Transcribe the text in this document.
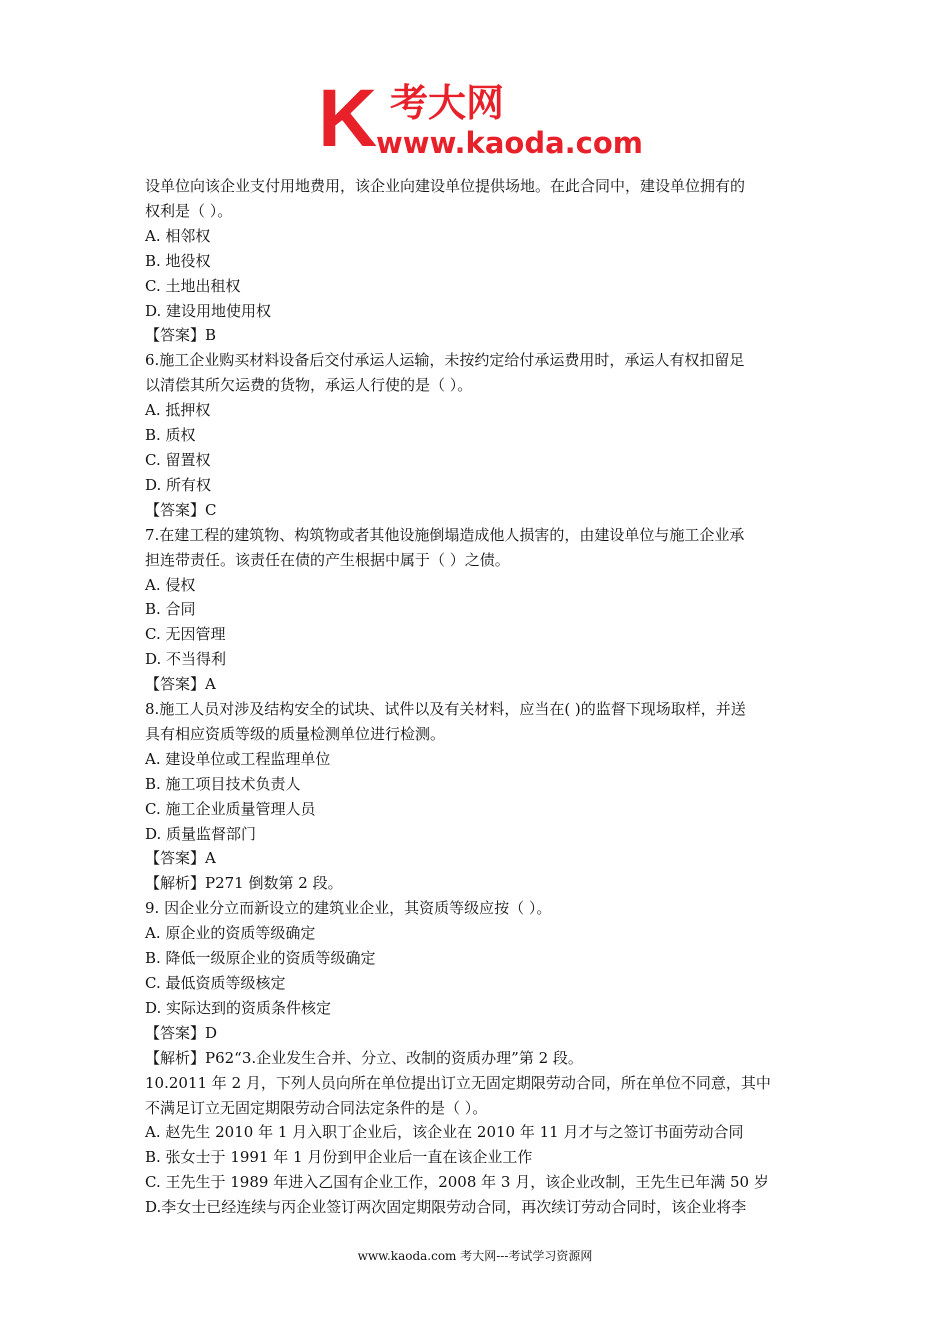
K 考大网
www.kaoda.com
设单位向该企业支付用地费用，该企业向建设单位提供场地。在此合同中，建设单位拥有的
权利是（ ）。
A. 相邻权
B. 地役权
C. 土地出租权
D. 建设用地使用权
【答案】B
6.施工企业购买材料设备后交付承运人运输，未按约定给付承运费用时，承运人有权扣留足
以清偿其所欠运费的货物，承运人行使的是（ ）。
A. 抵押权
B. 质权
C. 留置权
D. 所有权
【答案】C
7.在建工程的建筑物、构筑物或者其他设施倒塌造成他人损害的，由建设单位与施工企业承
担连带责任。该责任在债的产生根据中属于（ ）之债。
A. 侵权
B. 合同
C. 无因管理
D. 不当得利
【答案】A
8.施工人员对涉及结构安全的试块、试件以及有关材料，应当在( )的监督下现场取样，并送
具有相应资质等级的质量检测单位进行检测。
A. 建设单位或工程监理单位
B. 施工项目技术负责人
C. 施工企业质量管理人员
D. 质量监督部门
【答案】A
【解析】P271 倒数第 2 段。
9. 因企业分立而新设立的建筑业企业，其资质等级应按（ ）。
A. 原企业的资质等级确定
B. 降低一级原企业的资质等级确定
C. 最低资质等级核定
D. 实际达到的资质条件核定
【答案】D
【解析】P62“3.企业发生合并、分立、改制的资质办理”第 2 段。
10.2011 年 2 月，下列人员向所在单位提出订立无固定期限劳动合同，所在单位不同意，其中
不满足订立无固定期限劳动合同法定条件的是（ ）。
A. 赵先生 2010 年 1 月入职丁企业后，该企业在 2010 年 11 月才与之签订书面劳动合同
B. 张女士于 1991 年 1 月份到甲企业后一直在该企业工作
C. 王先生于 1989 年进入乙国有企业工作，2008 年 3 月，该企业改制，王先生已年满 50 岁
D.李女士已经连续与丙企业签订两次固定期限劳动合同，再次续订劳动合同时，该企业将李
www.kaoda.com 考大网---考试学习资源网
